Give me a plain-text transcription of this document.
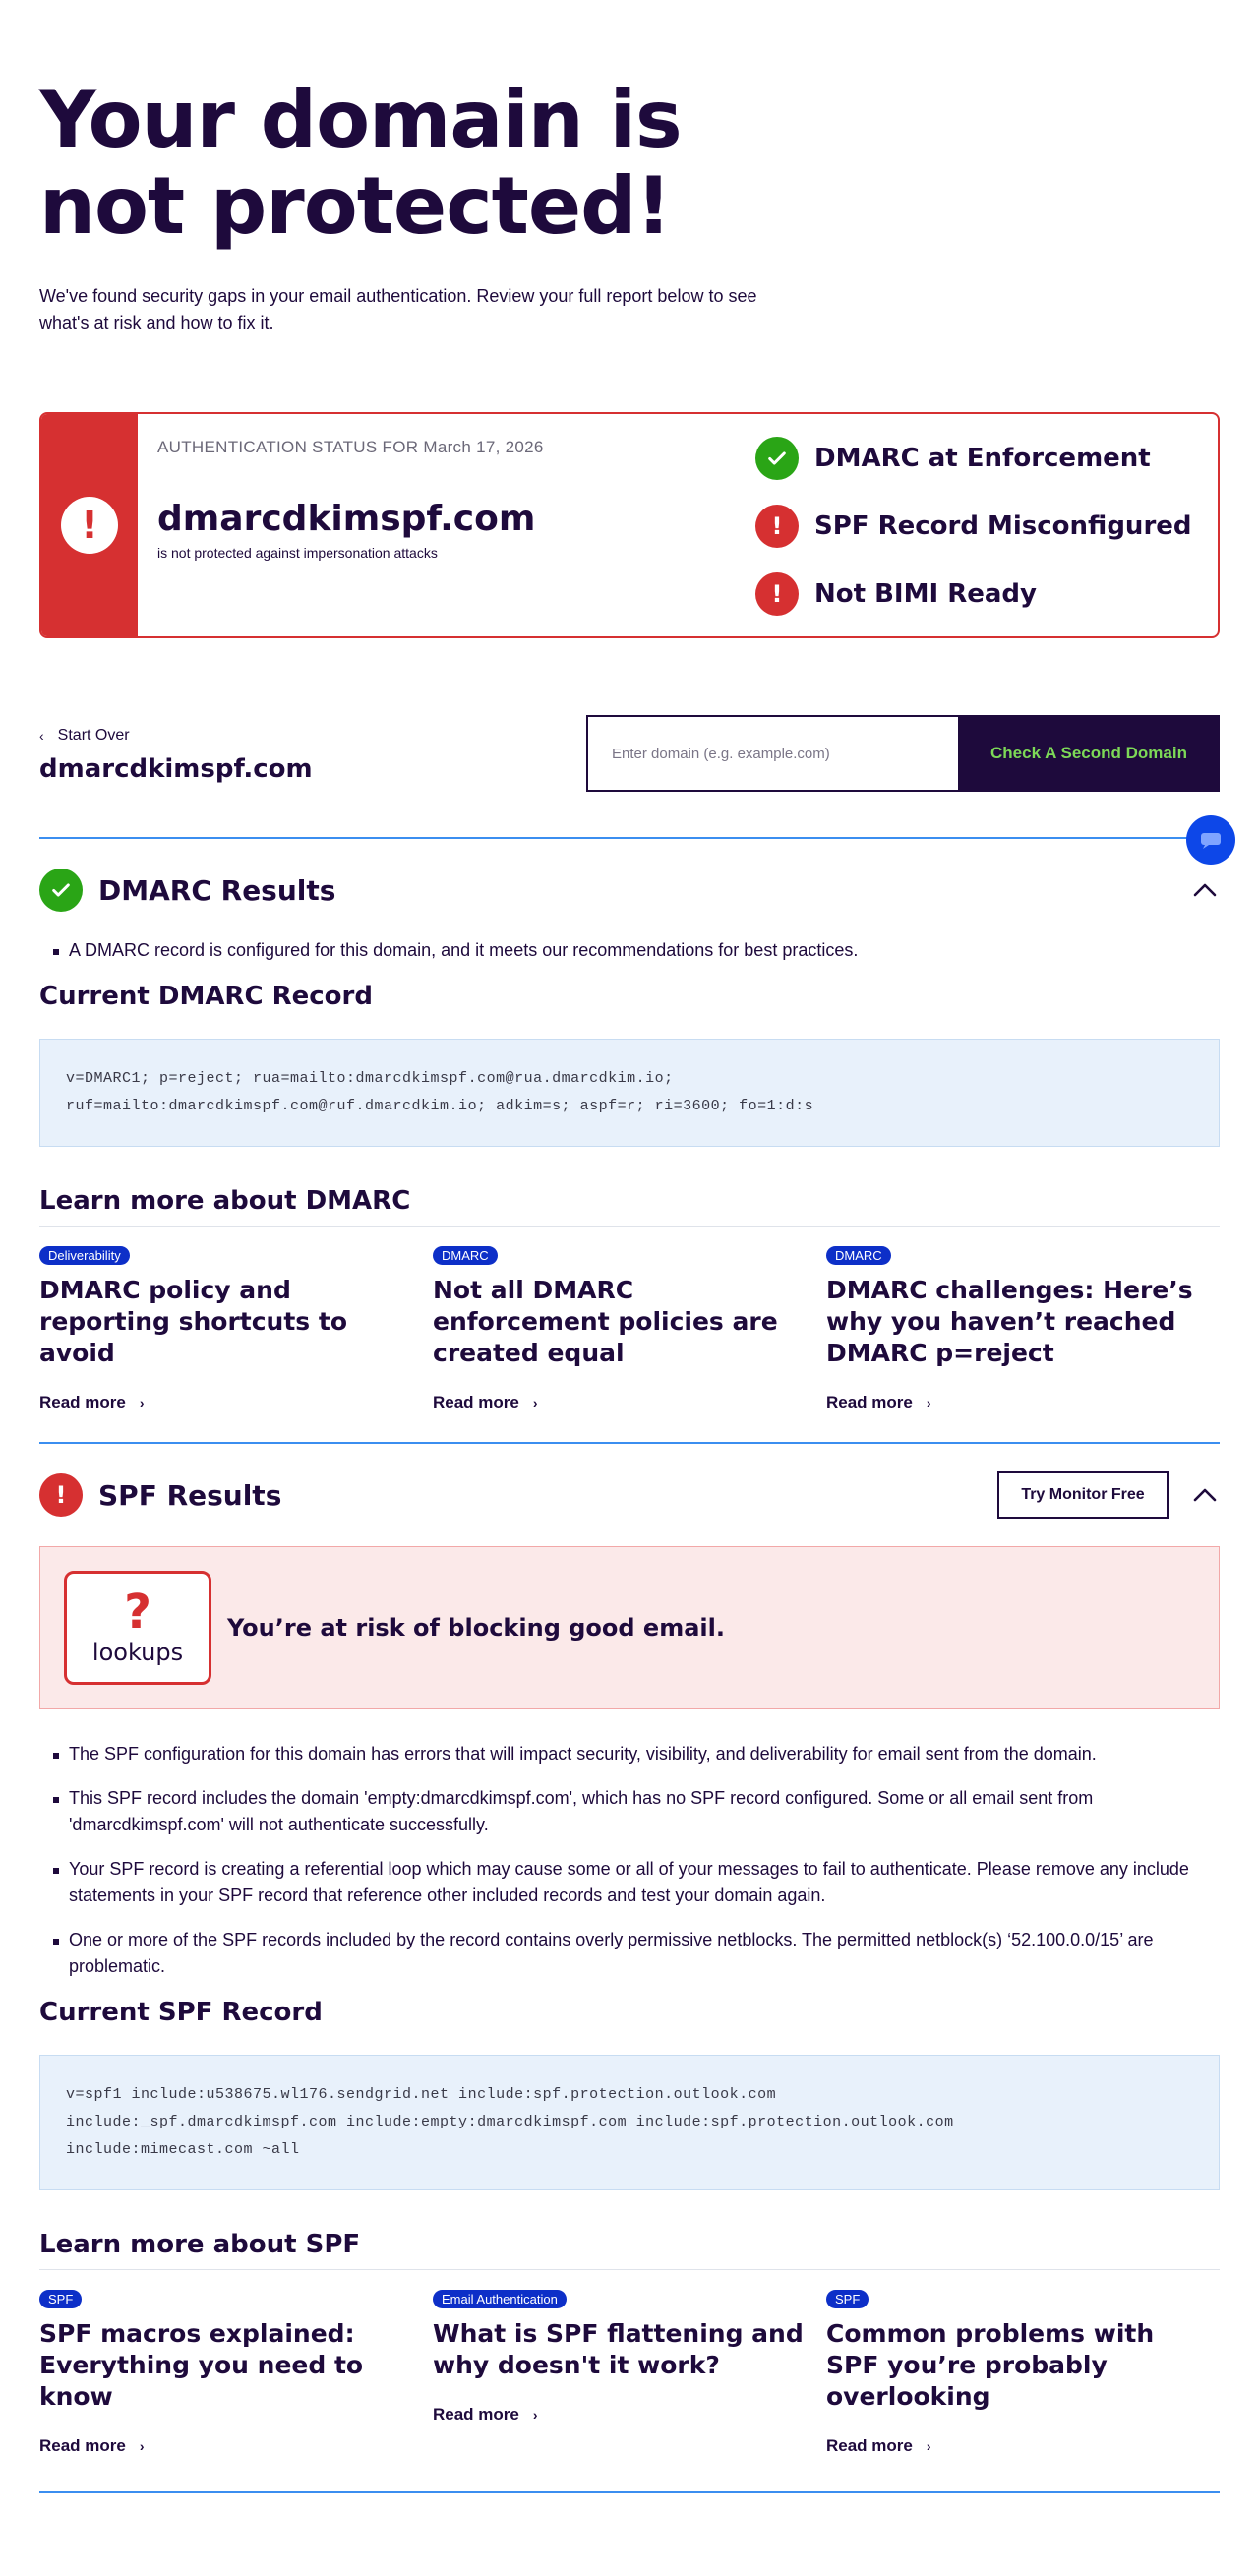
Your domain is not protected!

We've found security gaps in your email authentication. Review your full report below to see what's at risk and how to fix it.

!
AUTHENTICATION STATUS FOR March 17, 2026
dmarcdkimspf.com
is not protected against impersonation attacks
DMARC at Enforcement
!	SPF Record Misconfigured
!	Not BIMI Ready
‹ Start Over
dmarcdkimspf.com
Enter domain (e.g. example.com)
Check A Second Domain
DMARC Results
A DMARC record is configured for this domain, and it meets our recommendations for best practices.
Current DMARC Record
v=DMARC1; p=reject; rua=mailto:dmarcdkimspf.com@rua.dmarcdkim.io;
ruf=mailto:dmarcdkimspf.com@ruf.dmarcdkim.io; adkim=s; aspf=r; ri=3600; fo=1:d:s
Learn more about DMARC
Deliverability
DMARC policy and reporting shortcuts to avoid
Read more ›
DMARC
Not all DMARC enforcement policies are created equal
Read more ›
DMARC
DMARC challenges: Here’s why you haven’t reached DMARC p=reject
Read more ›
!	SPF Results	Try Monitor Free
?
lookups
You’re at risk of blocking good email.
The SPF configuration for this domain has errors that will impact security, visibility, and deliverability for email sent from the domain.
This SPF record includes the domain 'empty:dmarcdkimspf.com', which has no SPF record configured. Some or all email sent from 'dmarcdkimspf.com' will not authenticate successfully.
Your SPF record is creating a referential loop which may cause some or all of your messages to fail to authenticate. Please remove any include statements in your SPF record that reference other included records and test your domain again.
One or more of the SPF records included by the record contains overly permissive netblocks. The permitted netblock(s) ‘52.100.0.0/15’ are problematic.
Current SPF Record
v=spf1 include:u538675.wl176.sendgrid.net include:spf.protection.outlook.com
include:_spf.dmarcdkimspf.com include:empty:dmarcdkimspf.com include:spf.protection.outlook.com
include:mimecast.com ~all
Learn more about SPF
SPF
SPF macros explained: Everything you need to know
Read more ›
Email Authentication
What is SPF flattening and why doesn't it work?
Read more ›
SPF
Common problems with SPF you’re probably overlooking
Read more ›
